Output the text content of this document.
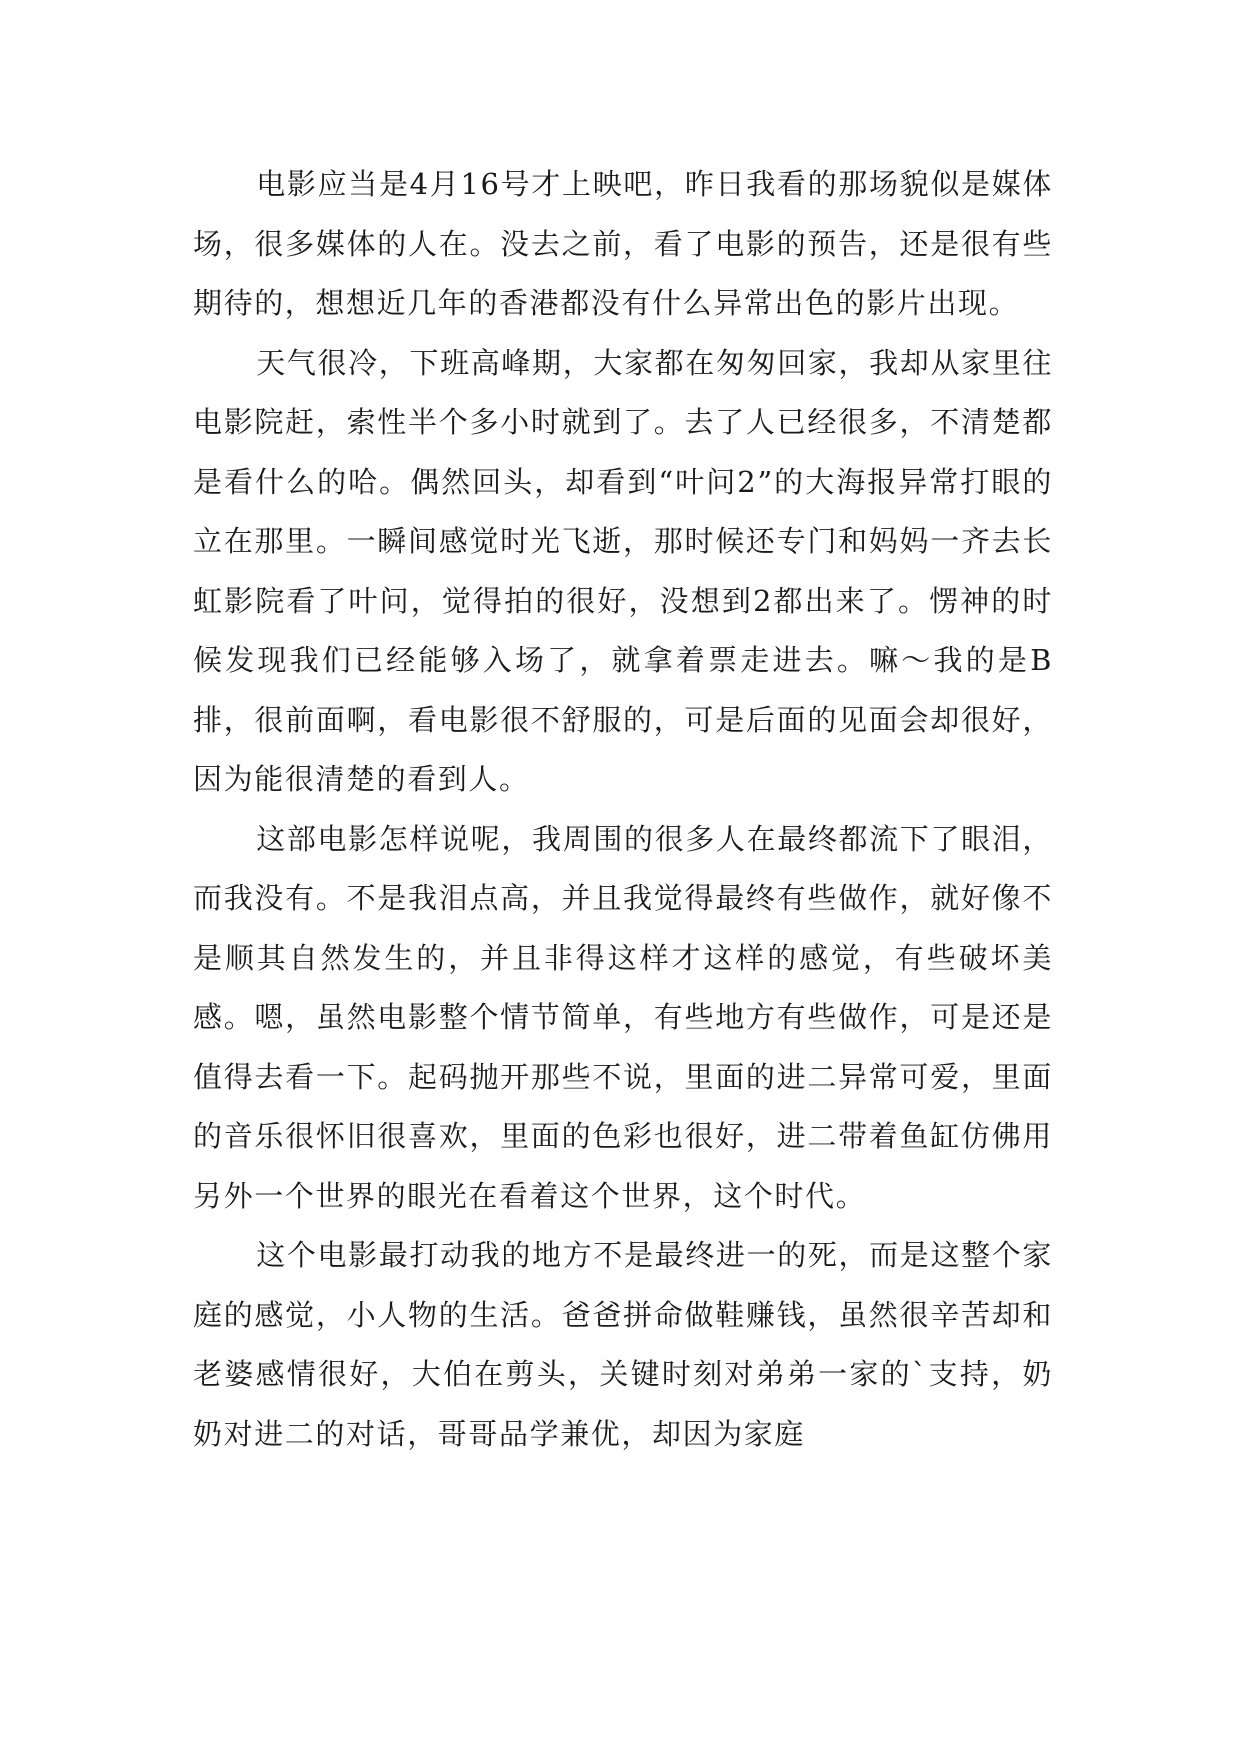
电影应当是4月16号才上映吧，昨日我看的那场貌似是媒体场，很多媒体的人在。没去之前，看了电影的预告，还是很有些期待的，想想近几年的香港都没有什么异常出色的影片出现。

天气很冷，下班高峰期，大家都在匆匆回家，我却从家里往电影院赶，索性半个多小时就到了。去了人已经很多，不清楚都是看什么的哈。偶然回头，却看到“叶问2”的大海报异常打眼的立在那里。一瞬间感觉时光飞逝，那时候还专门和妈妈一齐去长虹影院看了叶问，觉得拍的很好，没想到2都出来了。愣神的时候发现我们已经能够入场了，就拿着票走进去。嘛～我的是B排，很前面啊，看电影很不舒服的，可是后面的见面会却很好，因为能很清楚的看到人。

这部电影怎样说呢，我周围的很多人在最终都流下了眼泪，而我没有。不是我泪点高，并且我觉得最终有些做作，就好像不是顺其自然发生的，并且非得这样才这样的感觉，有些破坏美感。嗯，虽然电影整个情节简单，有些地方有些做作，可是还是值得去看一下。起码抛开那些不说，里面的进二异常可爱，里面的音乐很怀旧很喜欢，里面的色彩也很好，进二带着鱼缸仿佛用另外一个世界的眼光在看着这个世界，这个时代。

这个电影最打动我的地方不是最终进一的死，而是这整个家庭的感觉，小人物的生活。爸爸拼命做鞋赚钱，虽然很辛苦却和老婆感情很好，大伯在剪头，关键时刻对弟弟一家的`支持，奶奶对进二的对话，哥哥品学兼优，却因为家庭
